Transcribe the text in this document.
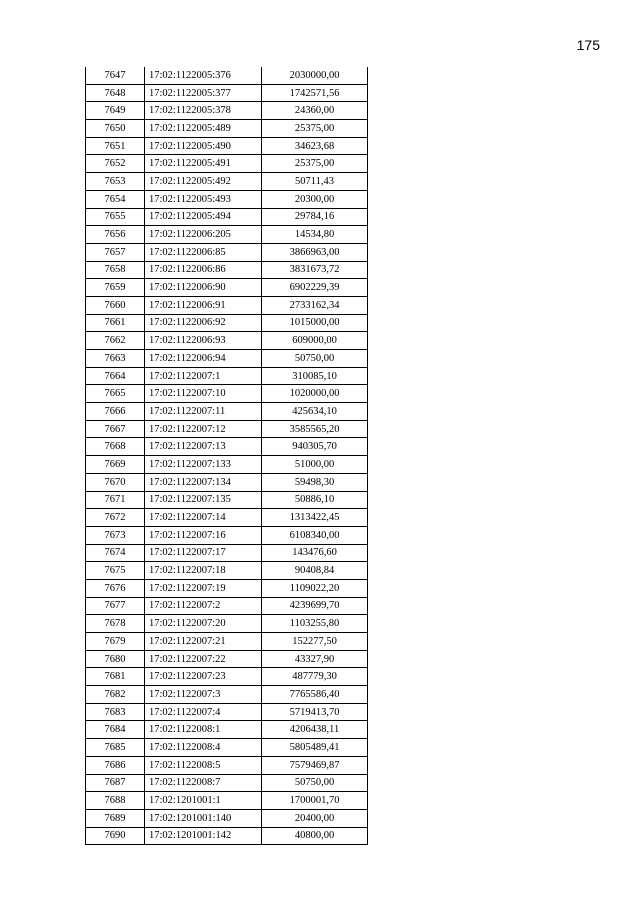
175
7647	17:02:1122005:376	2030000,00
7648	17:02:1122005:377	1742571,56
7649	17:02:1122005:378	24360,00
7650	17:02:1122005:489	25375,00
7651	17:02:1122005:490	34623,68
7652	17:02:1122005:491	25375,00
7653	17:02:1122005:492	50711,43
7654	17:02:1122005:493	20300,00
7655	17:02:1122005:494	29784,16
7656	17:02:1122006:205	14534,80
7657	17:02:1122006:85	3866963,00
7658	17:02:1122006:86	3831673,72
7659	17:02:1122006:90	6902229,39
7660	17:02:1122006:91	2733162,34
7661	17:02:1122006:92	1015000,00
7662	17:02:1122006:93	609000,00
7663	17:02:1122006:94	50750,00
7664	17:02:1122007:1	310085,10
7665	17:02:1122007:10	1020000,00
7666	17:02:1122007:11	425634,10
7667	17:02:1122007:12	3585565,20
7668	17:02:1122007:13	940305,70
7669	17:02:1122007:133	51000,00
7670	17:02:1122007:134	59498,30
7671	17:02:1122007:135	50886,10
7672	17:02:1122007:14	1313422,45
7673	17:02:1122007:16	6108340,00
7674	17:02:1122007:17	143476,60
7675	17:02:1122007:18	90408,84
7676	17:02:1122007:19	1109022,20
7677	17:02:1122007:2	4239699,70
7678	17:02:1122007:20	1103255,80
7679	17:02:1122007:21	152277,50
7680	17:02:1122007:22	43327,90
7681	17:02:1122007:23	487779,30
7682	17:02:1122007:3	7765586,40
7683	17:02:1122007:4	5719413,70
7684	17:02:1122008:1	4206438,11
7685	17:02:1122008:4	5805489,41
7686	17:02:1122008:5	7579469,87
7687	17:02:1122008:7	50750,00
7688	17:02:1201001:1	1700001,70
7689	17:02:1201001:140	20400,00
7690	17:02:1201001:142	40800,00
